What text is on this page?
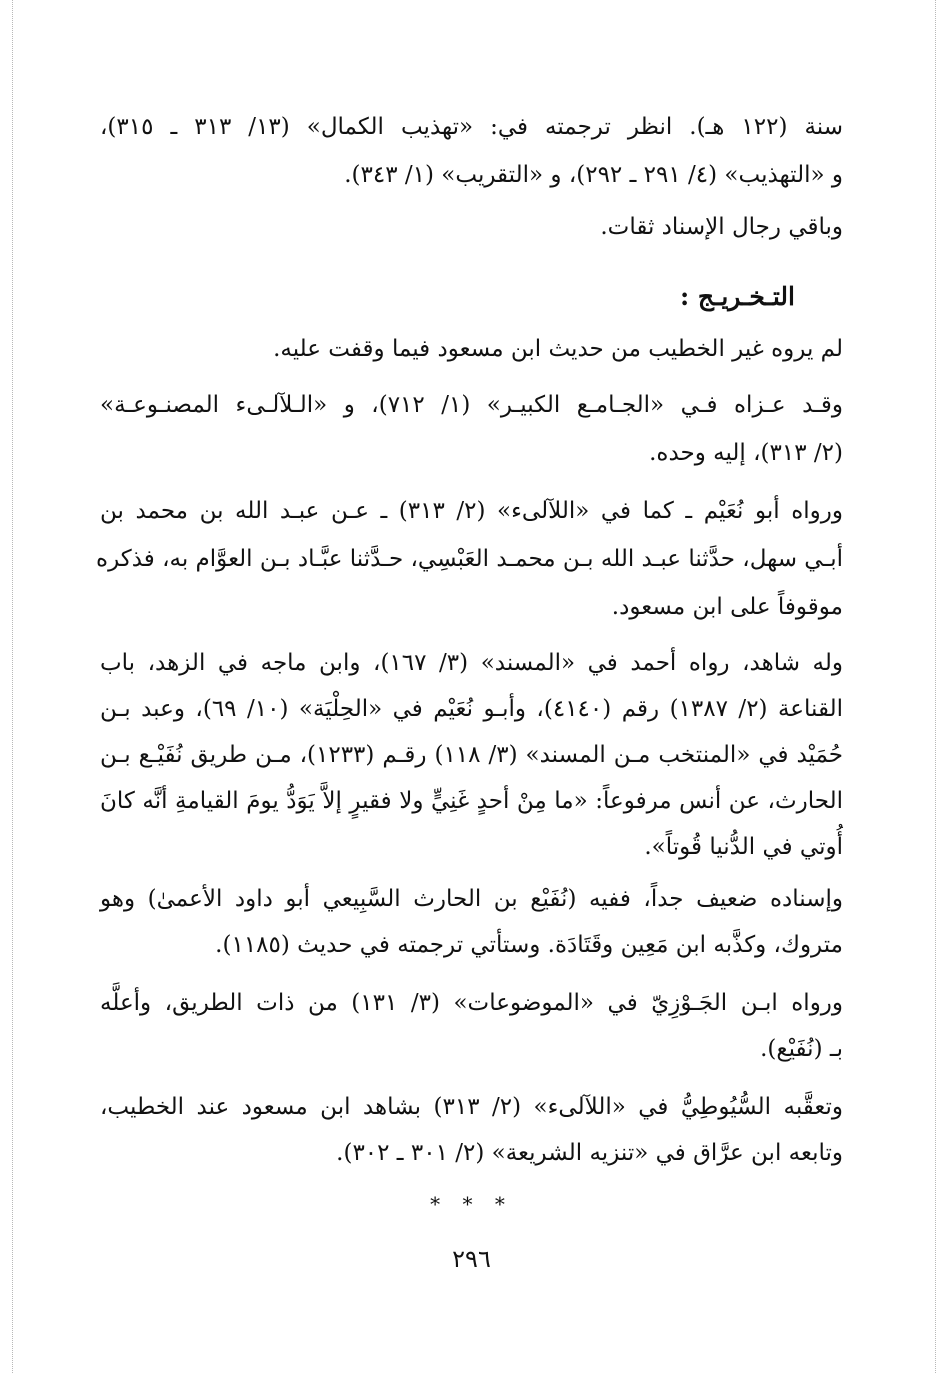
سنة (١٢٢ هـ). انظر ترجمته في: «تهذيب الكمال» (١٣/ ٣١٣ ـ ٣١٥)،
و «التهذيب» (٤/ ٢٩١ ـ ٢٩٢)، و «التقريب» (١/ ٣٤٣).
وباقي رجال الإسناد ثقات.
التـخـريـج :
لم يروه غير الخطيب من حديث ابن مسعود فيما وقفت عليه.
وقـد عـزاه فـي «الجـامـع الكبيـر» (١/ ٧١٢)، و «الـلآلـىء المصنـوعـة»
(٢/ ٣١٣)، إليه وحده.
ورواه أبو نُعَيْم ـ كما في «اللآلىء» (٢/ ٣١٣) ـ عـن عبـد الله بن محمد بن
أبـي سهل، حدَّثنا عبـد الله بـن محمـد العَبْسِي، حـدَّثنا عبَّـاد بـن العوَّام به، فذكره
موقوفاً على ابن مسعود.
وله شاهد، رواه أحمد في «المسند» (٣/ ١٦٧)، وابن ماجه في الزهد، باب
القناعة (٢/ ١٣٨٧) رقم (٤١٤٠)، وأبـو نُعَيْم في «الحِلْيَة» (١٠/ ٦٩)، وعبد بـن
حُمَيْد في «المنتخب مـن المسند» (٣/ ١١٨) رقـم (١٢٣٣)، مـن طريق نُفَيْـع بـن
الحارث، عن أنس مرفوعاً: «ما مِنْ أحدٍ غَنِيٍّ ولا فقيرٍ إلاَّ يَوَدُّ يومَ القيامةِ أنَّه كانَ
أُوتي في الدُّنيا قُوتاً».
وإسناده ضعيف جداً، ففيه (نُفَيْع بن الحارث السَّبِيعي أبو داود الأعمىٰ) وهو
متروك، وكذَّبه ابن مَعِين وقَتَادَة. وستأتي ترجمته في حديث (١١٨٥).
ورواه ابـن الجَـوْزِيّ في «الموضوعات» (٣/ ١٣١) من ذات الطريق، وأعلَّه
بـ (نُفَيْع).
وتعقَّبه السُّيُوطِيُّ في «اللآلىء» (٢/ ٣١٣) بشاهد ابن مسعود عند الخطيب،
وتابعه ابن عرَّاق في «تنزيه الشريعة» (٢/ ٣٠١ ـ ٣٠٢).
* * *
٢٩٦
